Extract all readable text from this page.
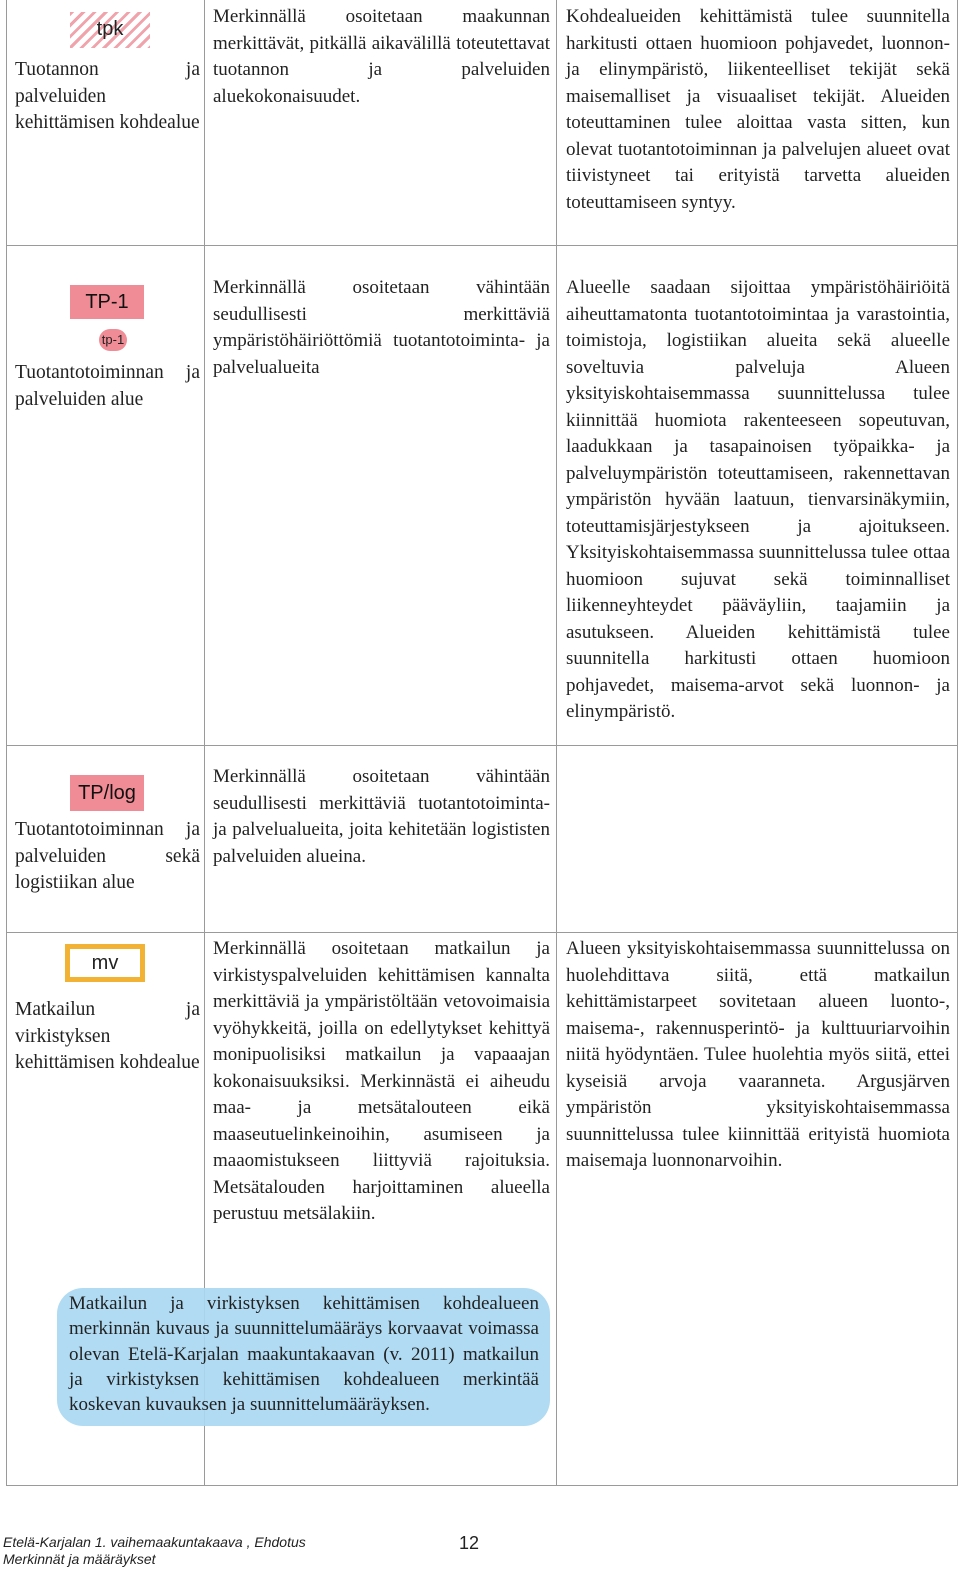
tpk
Tuotannon ja palveluiden kehittämisen kohdealue
Merkinnällä osoitetaan maakunnan merkittävät, pitkällä aikavälillä toteutettavat tuotannon ja palveluiden aluekokonaisuudet.
Kohdealueiden kehittämistä tulee suunnitella harkitusti ottaen huomioon pohjavedet, luonnon- ja elinympäristö, liikenteelliset tekijät sekä maisemalliset ja visuaaliset tekijät. Alueiden toteuttaminen tulee aloittaa vasta sitten, kun olevat tuotantotoiminnan ja palvelujen alueet ovat tiivistyneet tai erityistä tarvetta alueiden toteuttamiseen syntyy.
TP-1
tp-1
Tuotantotoiminnan ja palveluiden alue
Merkinnällä osoitetaan vähintään seudullisesti merkittäviä ympäristöhäiriöttömiä tuotantotoiminta- ja palvelualueita
Alueelle saadaan sijoittaa ympäristöhäiriöitä aiheuttamatonta tuotantotoimintaa ja varastointia, toimistoja, logistiikan alueita sekä alueelle soveltuvia palveluja Alueen yksityiskohtaisemmassa suunnittelussa tulee kiinnittää huomiota rakenteeseen sopeutuvan, laadukkaan ja tasapainoisen työpaikka- ja palveluympäristön toteuttamiseen, rakennettavan ympäristön hyvään laatuun, tienvarsinäkymiin, toteuttamisjärjestykseen ja ajoitukseen. Yksityiskohtaisemmassa suunnittelussa tulee ottaa huomioon sujuvat sekä toiminnalliset liikenneyhteydet pääväyliin, taajamiin ja asutukseen. Alueiden kehittämistä tulee suunnitella harkitusti ottaen huomioon pohjavedet, maisema-arvot sekä luonnon- ja elinympäristö.
TP/log
Tuotantotoiminnan ja palveluiden sekä logistiikan alue
Merkinnällä osoitetaan vähintään seudullisesti merkittäviä tuotantotoiminta- ja palvelualueita, joita kehitetään logististen palveluiden alueina.
mv
Matkailun ja virkistyksen kehittämisen kohdealue
Merkinnällä osoitetaan matkailun ja virkistyspalveluiden kehittämisen kannalta merkittäviä ja ympäristöltään vetovoimaisia vyöhykkeitä, joilla on edellytykset kehittyä monipuolisiksi matkailun ja vapaaajan kokonaisuuksiksi. Merkinnästä ei aiheudu maa- ja metsätalouteen eikä maaseutuelinkeinoihin, asumiseen ja maaomistukseen liittyviä rajoituksia. Metsätalouden harjoittaminen alueella perustuu metsälakiin.
Alueen yksityiskohtaisemmassa suunnittelussa on huolehdittava siitä, että matkailun kehittämistarpeet sovitetaan alueen luonto-, maisema-, rakennusperintö- ja kulttuuriarvoihin niitä hyödyntäen. Tulee huolehtia myös siitä, ettei kyseisiä arvoja vaaranneta. Argusjärven ympäristön yksityiskohtaisemmassa suunnittelussa tulee kiinnittää erityistä huomiota maisemaja luonnonarvoihin.
Matkailun ja virkistyksen kehittämisen kohdealueen merkinnän kuvaus ja suunnittelumääräys korvaavat voimassa olevan Etelä-Karjalan maakuntakaavan (v. 2011) matkailun ja virkistyksen kehittämisen kohdealueen merkintää koskevan kuvauksen ja suunnittelumääräyksen.
Etelä-Karjalan 1. vaihemaakuntakaava , Ehdotus
Merkinnät ja määräykset
12
